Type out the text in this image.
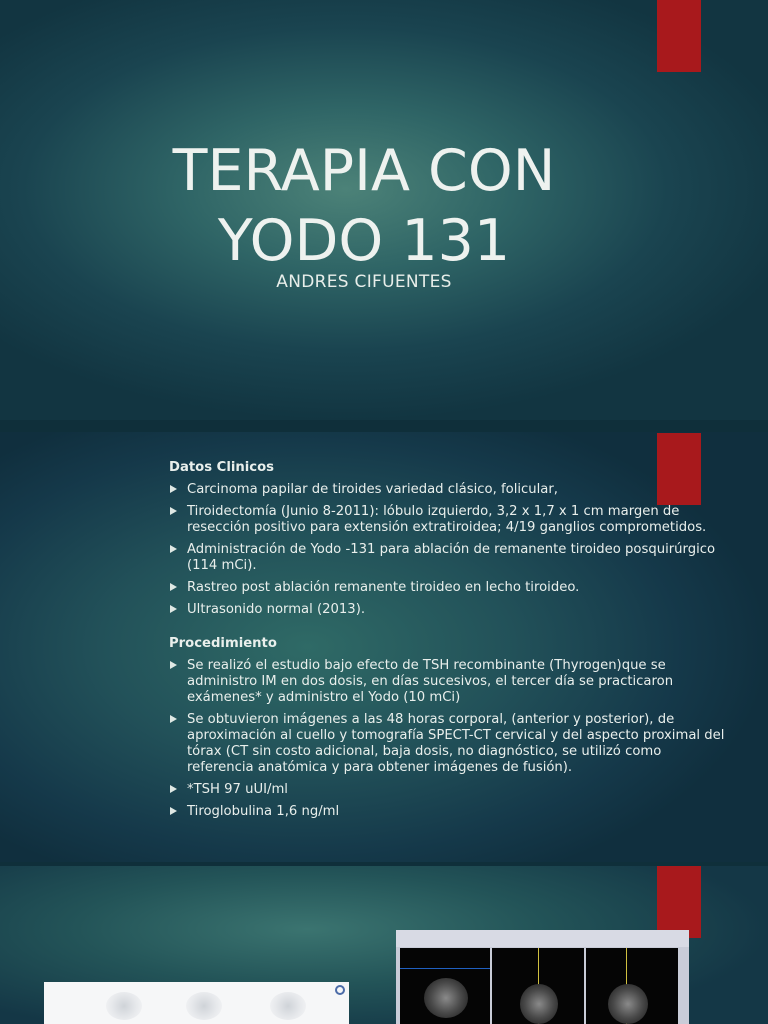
TERAPIA CON
YODO 131
ANDRES CIFUENTES
Datos Clinicos
Carcinoma papilar de tiroides variedad clásico, folicular,
Tiroidectomía (Junio 8-2011): lóbulo izquierdo, 3,2 x 1,7 x 1 cm margen de resección positivo para extensión extratiroidea; 4/19 ganglios comprometidos.
Administración de Yodo -131 para ablación de remanente tiroideo posquirúrgico (114 mCi).
Rastreo post ablación remanente tiroideo en lecho tiroideo.
Ultrasonido normal (2013).
Procedimiento
Se realizó el estudio bajo efecto de TSH recombinante (Thyrogen)que se administro IM en dos dosis, en días sucesivos, el tercer día se practicaron exámenes* y administro el Yodo (10 mCi)
Se obtuvieron imágenes a las 48 horas corporal, (anterior y posterior), de aproximación al cuello y tomografía SPECT-CT cervical y del aspecto proximal del tórax (CT sin costo adicional, baja dosis, no diagnóstico, se utilizó como referencia anatómica y para obtener imágenes de fusión).
*TSH 97 uUI/ml
Tiroglobulina 1,6 ng/ml
